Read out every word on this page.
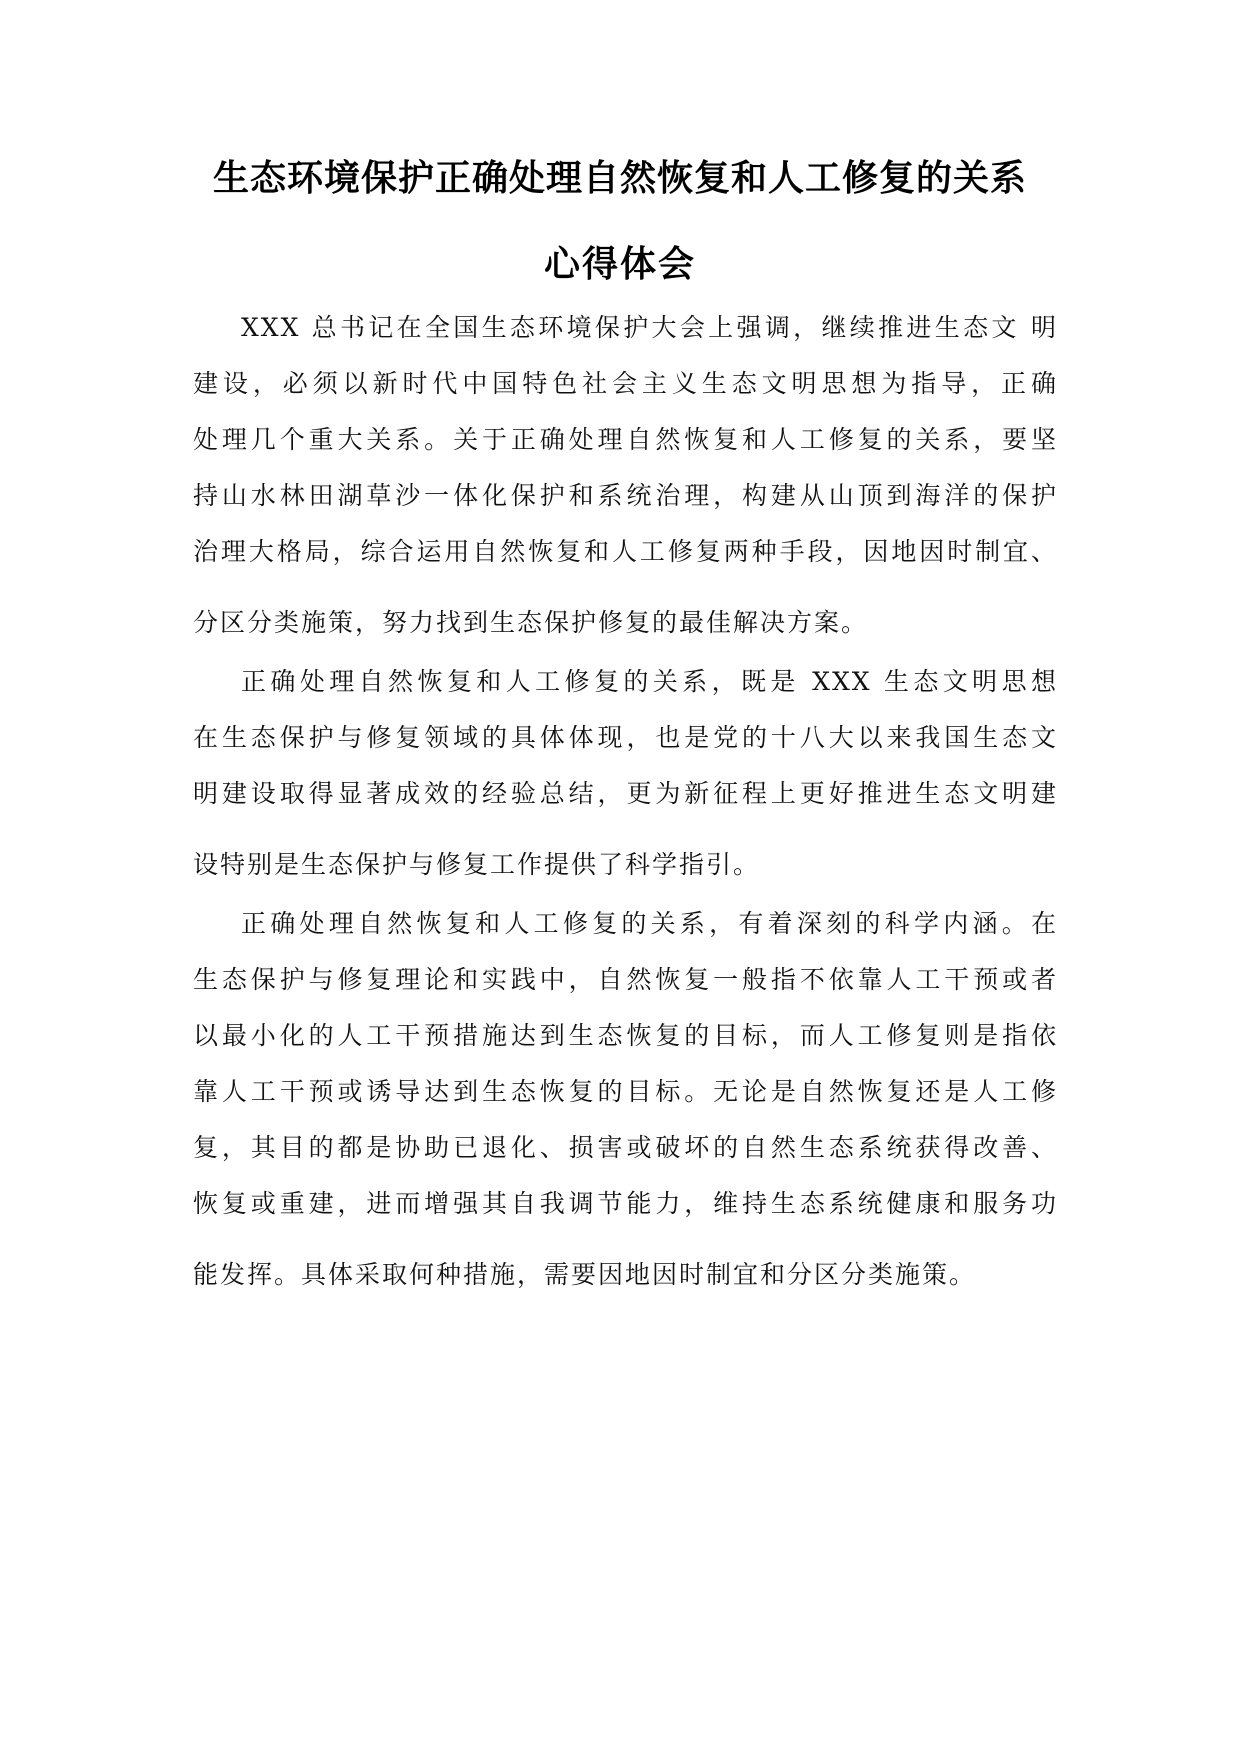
生态环境保护正确处理自然恢复和人工修复的关系
心得体会
XXX 总书记在全国生态环境保护大会上强调，继续推进生态文 明
建设，必须以新时代中国特色社会主义生态文明思想为指导，正确
处理几个重大关系。关于正确处理自然恢复和人工修复的关系，要坚
持山水林田湖草沙一体化保护和系统治理，构建从山顶到海洋的保护
治理大格局，综合运用自然恢复和人工修复两种手段，因地因时制宜、
分区分类施策，努力找到生态保护修复的最佳解决方案。
正确处理自然恢复和人工修复的关系，既是 XXX 生态文明思想
在生态保护与修复领域的具体体现，也是党的十八大以来我国生态文
明建设取得显著成效的经验总结，更为新征程上更好推进生态文明建
设特别是生态保护与修复工作提供了科学指引。
正确处理自然恢复和人工修复的关系，有着深刻的科学内涵。在
生态保护与修复理论和实践中，自然恢复一般指不依靠人工干预或者
以最小化的人工干预措施达到生态恢复的目标，而人工修复则是指依
靠人工干预或诱导达到生态恢复的目标。无论是自然恢复还是人工修
复，其目的都是协助已退化、损害或破坏的自然生态系统获得改善、
恢复或重建，进而增强其自我调节能力，维持生态系统健康和服务功
能发挥。具体采取何种措施，需要因地因时制宜和分区分类施策。
